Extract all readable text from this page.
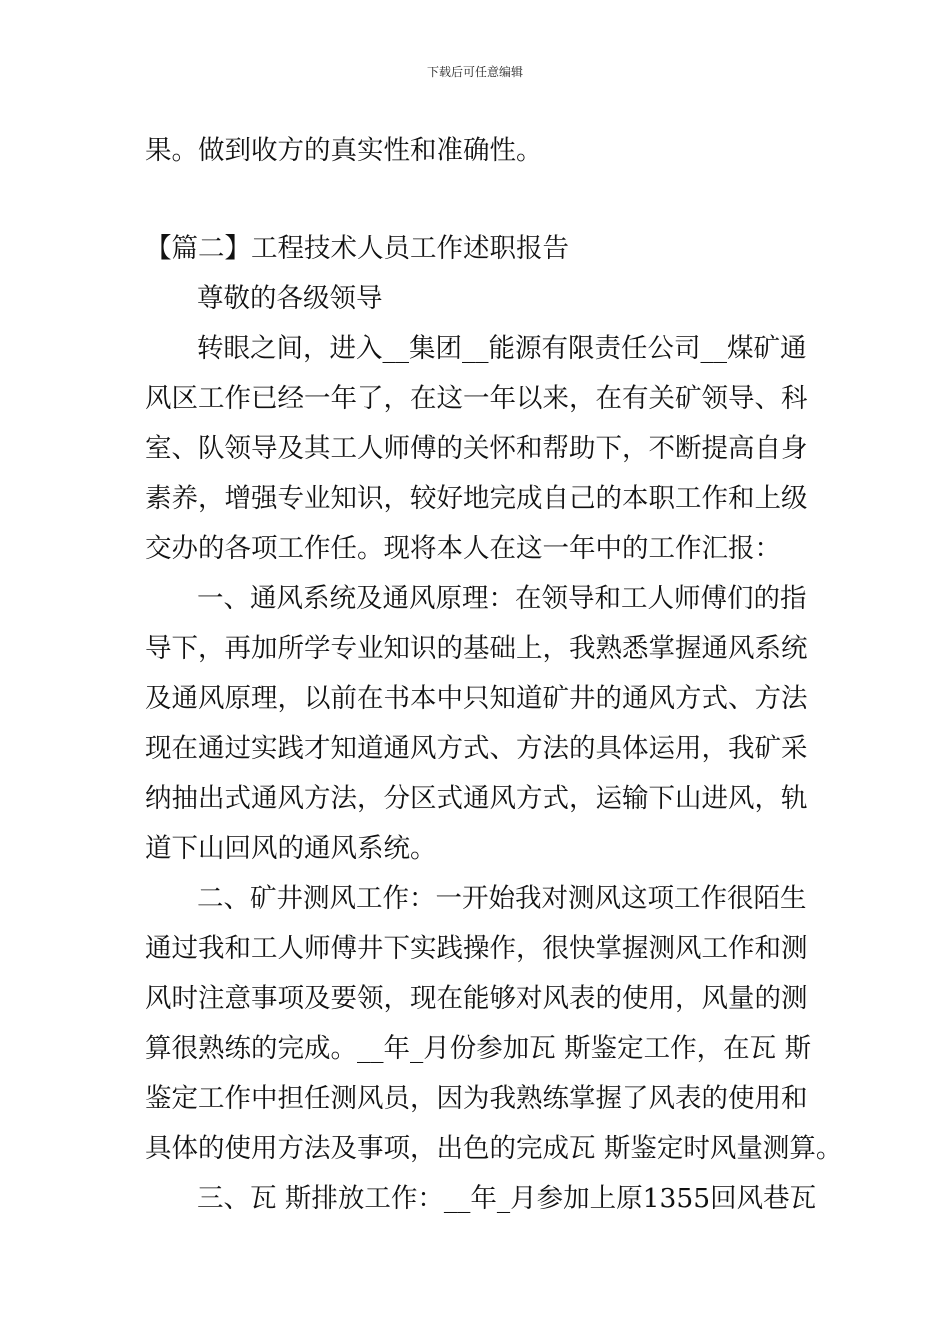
下载后可任意编辑
果。做到收方的真实性和准确性。
【篇二】工程技术人员工作述职报告
尊敬的各级领导
转眼之间，进入__集团__能源有限责任公司__煤矿通
风区工作已经一年了，在这一年以来，在有关矿领导、科
室、队领导及其工人师傅的关怀和帮助下，不断提高自身
素养，增强专业知识，较好地完成自己的本职工作和上级
交办的各项工作任。现将本人在这一年中的工作汇报：
一、通风系统及通风原理：在领导和工人师傅们的指
导下，再加所学专业知识的基础上，我熟悉掌握通风系统
及通风原理，以前在书本中只知道矿井的通风方式、方法
现在通过实践才知道通风方式、方法的具体运用，我矿采
纳抽出式通风方法，分区式通风方式，运输下山进风，轨
道下山回风的通风系统。
二、矿井测风工作：一开始我对测风这项工作很陌生
通过我和工人师傅井下实践操作，很快掌握测风工作和测
风时注意事项及要领，现在能够对风表的使用，风量的测
算很熟练的完成。__年_月份参加瓦 斯鉴定工作，在瓦 斯
鉴定工作中担任测风员，因为我熟练掌握了风表的使用和
具体的使用方法及事项，出色的完成瓦 斯鉴定时风量测算。
三、瓦 斯排放工作：__年_月参加上原1355回风巷瓦
